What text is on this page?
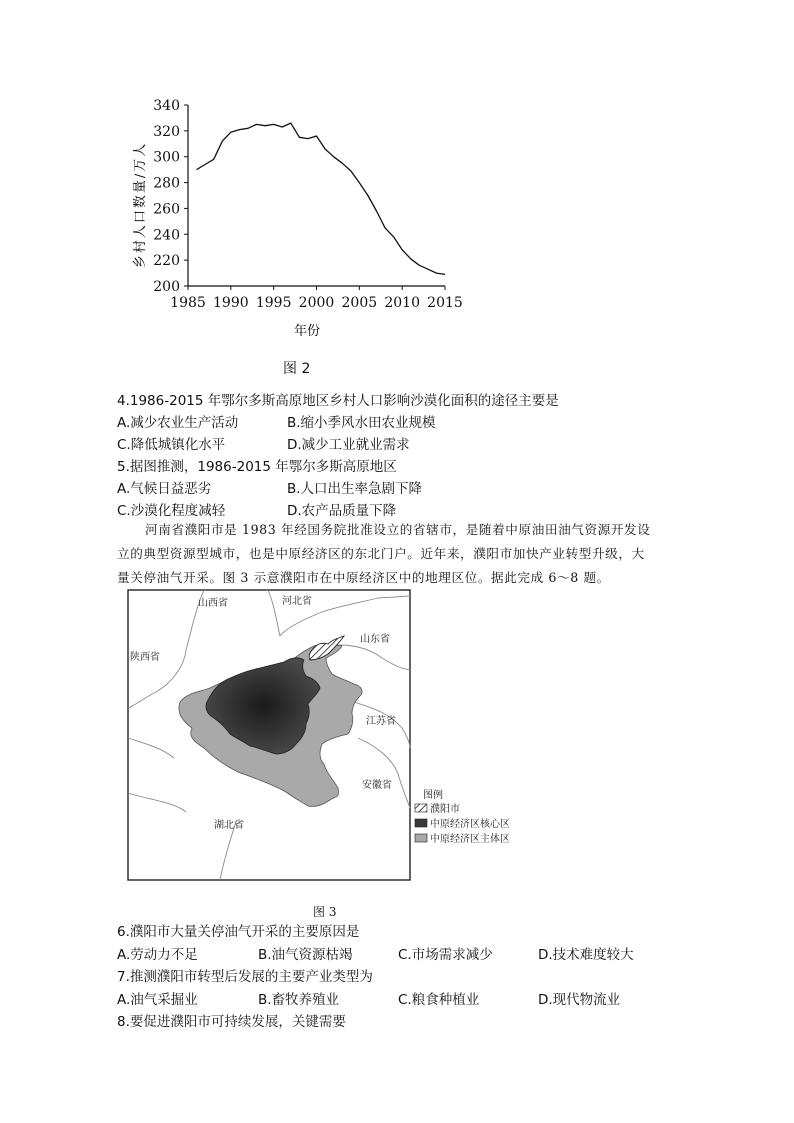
340
320
300
280
260
240
220
200
1985 1990 1995 2000 2005 2010 2015
乡村人口数量/万人
年份
图 2
4.1986-2015 年鄂尔多斯高原地区乡村人口影响沙漠化面积的途径主要是
A.减少农业生产活动	B.缩小季风水田农业规模
C.降低城镇化水平	D.减少工业就业需求
5.据图推测，1986-2015 年鄂尔多斯高原地区
A.气候日益恶劣	B.人口出生率急剧下降
C.沙漠化程度减轻	D.农产品质量下降
河南省濮阳市是 1983 年经国务院批准设立的省辖市，是随着中原油田油气资源开发设
立的典型资源型城市，也是中原经济区的东北门户。近年来，濮阳市加快产业转型升级，大
量关停油气开采。图 3 示意濮阳市在中原经济区中的地理区位。据此完成 6～8 题。
山西省	河北省
山东省
陕西省
江苏省
安徽省
湖北省
图例
濮阳市
中原经济区核心区
中原经济区主体区
图 3
6.濮阳市大量关停油气开采的主要原因是
A.劳动力不足	B.油气资源枯竭	C.市场需求减少	D.技术难度较大
7.推测濮阳市转型后发展的主要产业类型为
A.油气采掘业	B.畜牧养殖业	C.粮食种植业	D.现代物流业
8.要促进濮阳市可持续发展，关键需要
